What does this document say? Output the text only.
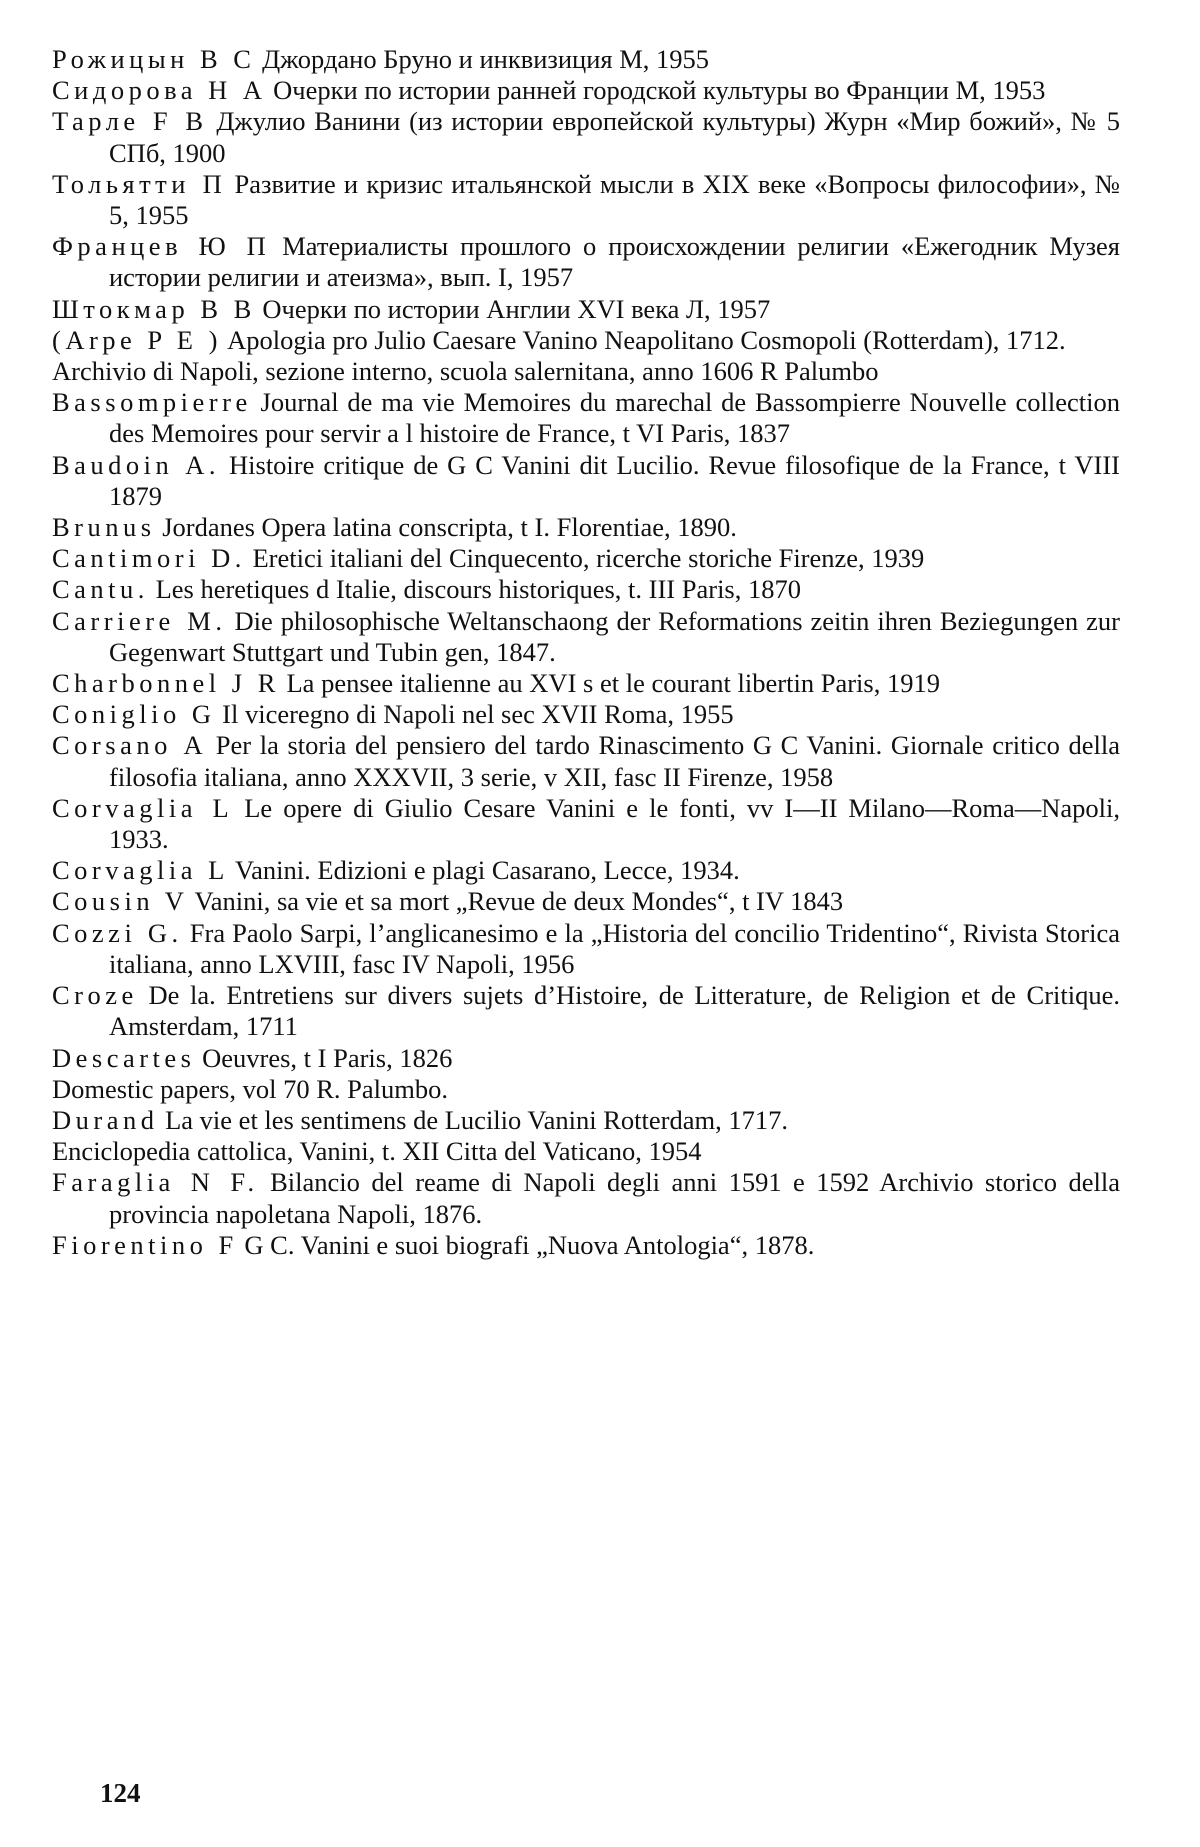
Рожицын В С Джордано Бруно и инквизиция М, 1955

Сидорова Н А Очерки по истории ранней городской культуры во Франции М, 1953

Тарле F В Джулио Ванини (из истории европейской культуры) Журн «Мир божий», № 5 СПб, 1900

Тольятти П Развитие и кризис итальянской мысли в XIX веке «Вопросы философии», № 5, 1955

Францев Ю П Материалисты прошлого о происхождении религии «Ежегодник Музея истории религии и атеизма», вып. I, 1957

Штокмар В В Очерки по истории Англии XVI века Л, 1957

(Arpe P E ) Apologia pro Julio Caesare Vanino Neapolitano Cosmopoli (Rotterdam), 1712.

Archivio di Napoli, sezione interno, scuola salernitana, anno 1606 R Palumbo

Bassompierre Journal de ma vie Memoires du marechal de Bassompierre Nouvelle collection des Memoires pour servir a l histoire de France, t VI Paris, 1837

Baudoin A. Histoire critique de G C Vanini dit Lucilio. Revue filosofique de la France, t VIII 1879

Brunus Jordanes Opera latina conscripta, t I. Florentiae, 1890.

Cantimori D. Eretici italiani del Cinquecento, ricerche storiche Firenze, 1939

Cantu. Les heretiques d Italie, discours historiques, t. III Paris, 1870

Carriere M. Die philosophische Weltanschaong der Reformations zeitin ihren Beziegungen zur Gegenwart Stuttgart und Tubin gen, 1847.

Charbonnel J R La pensee italienne au XVI s et le courant libertin Paris, 1919

Coniglio G Il viceregno di Napoli nel sec XVII Roma, 1955

Corsano A Per la storia del pensiero del tardo Rinascimento G C Vanini. Giornale critico della filosofia italiana, anno XXXVII, 3 serie, v XII, fasc II Firenze, 1958

Corvaglia L Le opere di Giulio Cesare Vanini e le fonti, vv I—II Milano—Roma—Napoli, 1933.

Corvaglia L Vanini. Edizioni e plagi Casarano, Lecce, 1934.

Cousin V Vanini, sa vie et sa mort „Revue de deux Mondes“, t IV 1843

Cozzi G. Fra Paolo Sarpi, l’anglicanesimo e la „Historia del concilio Tridentino“, Rivista Storica italiana, anno LXVIII, fasc IV Napoli, 1956

Croze De la. Entretiens sur divers sujets d’Histoire, de Litterature, de Religion et de Critique. Amsterdam, 1711

Descartes Oeuvres, t I Paris, 1826

Domestic papers, vol 70 R. Palumbo.

Durand La vie et les sentimens de Lucilio Vanini Rotterdam, 1717.

Enciclopedia cattolica, Vanini, t. XII Citta del Vaticano, 1954

Faraglia N F. Bilancio del reame di Napoli degli anni 1591 e 1592 Archivio storico della provincia napoletana Napoli, 1876.

Fiorentino F G C. Vanini e suoi biografi „Nuova Antologia“, 1878.

124
